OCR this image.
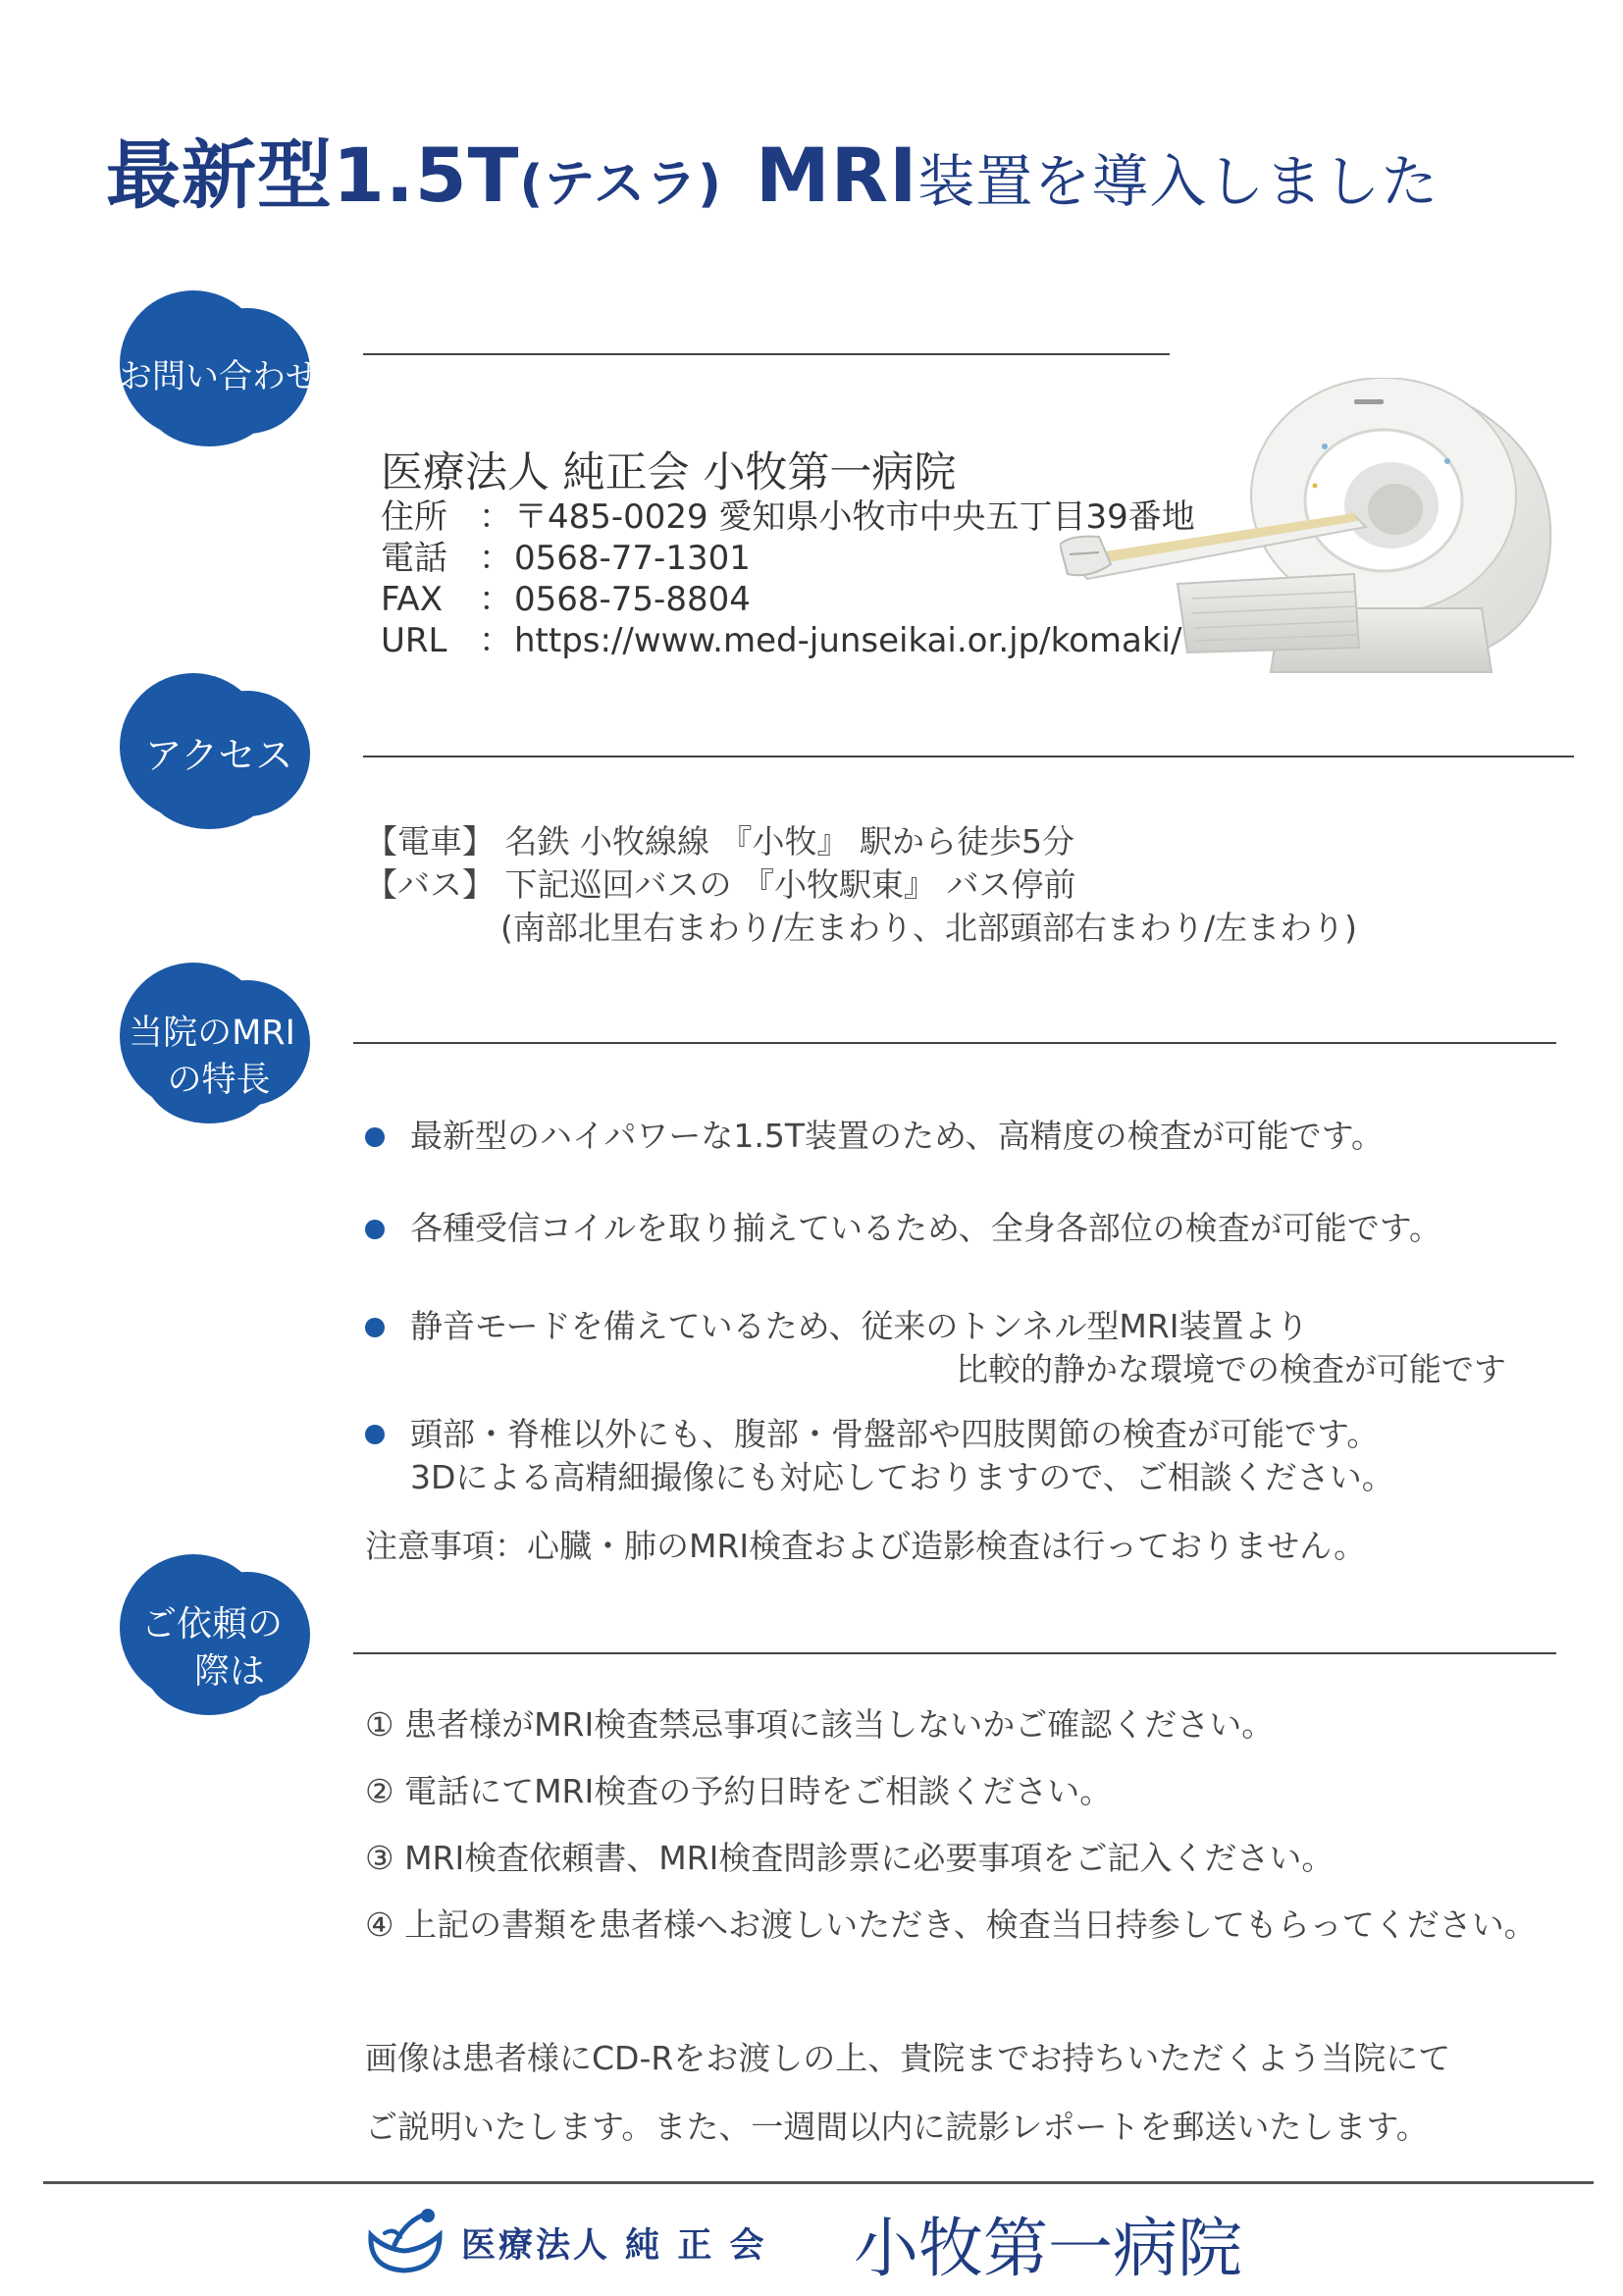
最新型1.5T(テスラ) MRI装置を導入しました
お問い合わせ
医療法人 純正会 小牧第一病院
住所 ：〒485-0029 愛知県小牧市中央五丁目39番地
電話 ：0568-77-1301
FAX ：0568-75-8804
URL ：https://www.med-junseikai.or.jp/komaki/
アクセス
【電車】 名鉄 小牧線線 『小牧』 駅から徒歩5分
【バス】 下記巡回バスの 『小牧駅東』 バス停前
(南部北里右まわり/左まわり、北部頭部右まわり/左まわり)
当院のMRI
の特長
最新型のハイパワーな1.5T装置のため、高精度の検査が可能です。
各種受信コイルを取り揃えているため、全身各部位の検査が可能です。
静音モードを備えているため、従来のトンネル型MRI装置より
比較的静かな環境での検査が可能です
頭部・脊椎以外にも、腹部・骨盤部や四肢関節の検査が可能です。
3Dによる高精細撮像にも対応しておりますので、ご相談ください。
注意事項：心臓・肺のMRI検査および造影検査は行っておりません。
ご依頼の
際は
① 患者様がMRI検査禁忌事項に該当しないかご確認ください。
② 電話にてMRI検査の予約日時をご相談ください。
③ MRI検査依頼書、MRI検査問診票に必要事項をご記入ください。
④ 上記の書類を患者様へお渡しいただき、検査当日持参してもらってください。
画像は患者様にCD-Rをお渡しの上、貴院までお持ちいただくよう当院にて
ご説明いたします。また、一週間以内に読影レポートを郵送いたします。
医療法人 純 正 会 小牧第一病院
